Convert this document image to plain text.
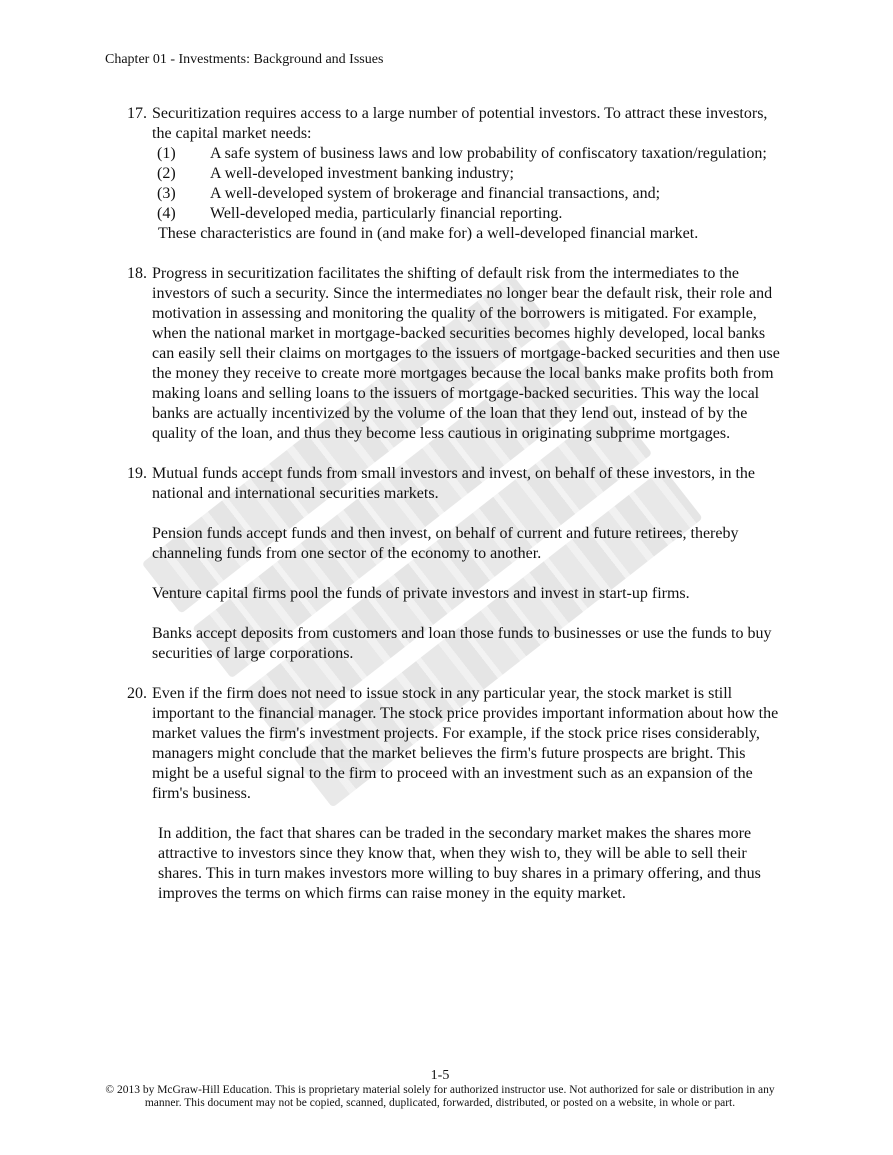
Chapter 01 - Investments: Background and Issues
17. Securitization requires access to a large number of potential investors. To attract these investors, the capital market needs:

(1) A safe system of business laws and low probability of confiscatory taxation/regulation;
(2) A well-developed investment banking industry;
(3) A well-developed system of brokerage and financial transactions, and;
(4) Well-developed media, particularly financial reporting.

These characteristics are found in (and make for) a well-developed financial market.

18. Progress in securitization facilitates the shifting of default risk from the intermediates to the investors of such a security. Since the intermediates no longer bear the default risk, their role and motivation in assessing and monitoring the quality of the borrowers is mitigated. For example, when the national market in mortgage-backed securities becomes highly developed, local banks can easily sell their claims on mortgages to the issuers of mortgage-backed securities and then use the money they receive to create more mortgages because the local banks make profits both from making loans and selling loans to the issuers of mortgage-backed securities. This way the local banks are actually incentivized by the volume of the loan that they lend out, instead of by the quality of the loan, and thus they become less cautious in originating subprime mortgages.

19. Mutual funds accept funds from small investors and invest, on behalf of these investors, in the national and international securities markets.

Pension funds accept funds and then invest, on behalf of current and future retirees, thereby channeling funds from one sector of the economy to another.

Venture capital firms pool the funds of private investors and invest in start-up firms.

Banks accept deposits from customers and loan those funds to businesses or use the funds to buy securities of large corporations.

20. Even if the firm does not need to issue stock in any particular year, the stock market is still important to the financial manager. The stock price provides important information about how the market values the firm's investment projects. For example, if the stock price rises considerably, managers might conclude that the market believes the firm's future prospects are bright. This might be a useful signal to the firm to proceed with an investment such as an expansion of the firm's business.

In addition, the fact that shares can be traded in the secondary market makes the shares more attractive to investors since they know that, when they wish to, they will be able to sell their shares. This in turn makes investors more willing to buy shares in a primary offering, and thus improves the terms on which firms can raise money in the equity market.

1-5
© 2013 by McGraw-Hill Education. This is proprietary material solely for authorized instructor use. Not authorized for sale or distribution in any manner. This document may not be copied, scanned, duplicated, forwarded, distributed, or posted on a website, in whole or part.
